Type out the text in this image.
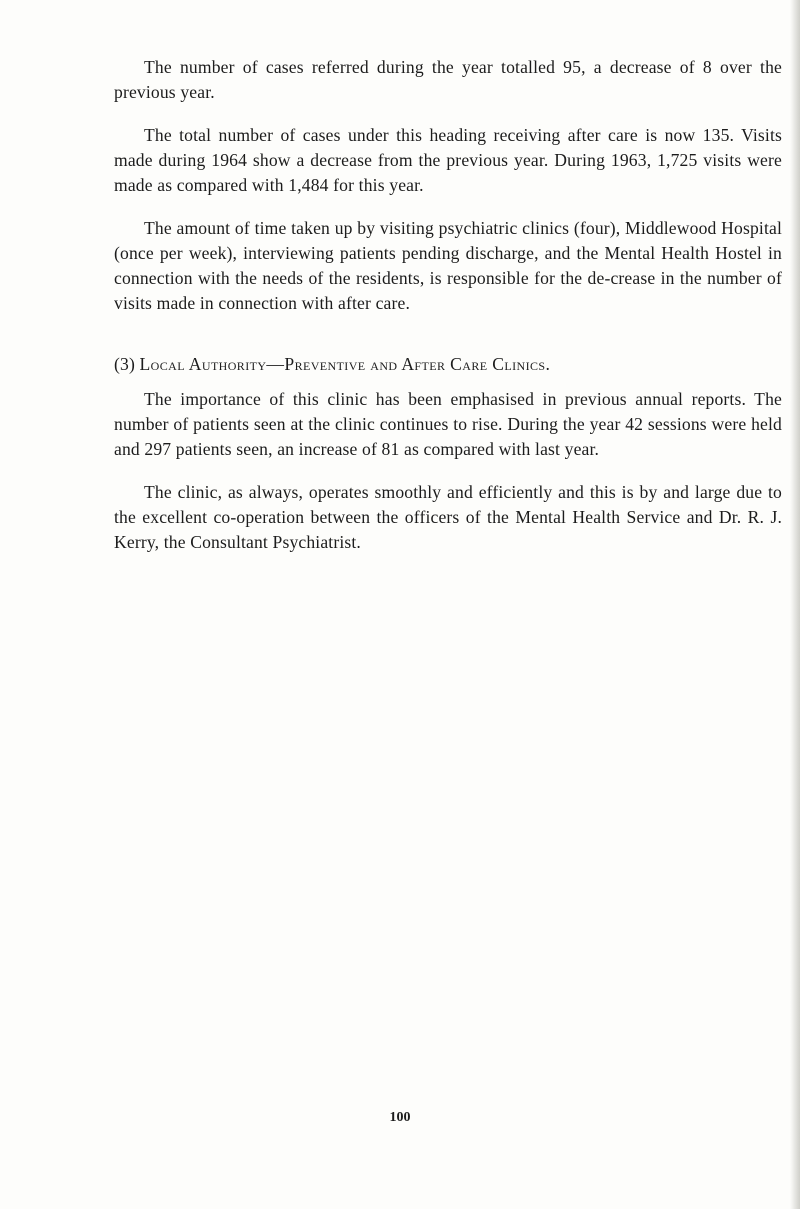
The number of cases referred during the year totalled 95, a decrease of 8 over the previous year.

The total number of cases under this heading receiving after care is now 135. Visits made during 1964 show a decrease from the previous year. During 1963, 1,725 visits were made as compared with 1,484 for this year.

The amount of time taken up by visiting psychiatric clinics (four), Middlewood Hospital (once per week), interviewing patients pending discharge, and the Mental Health Hostel in connection with the needs of the residents, is responsible for the de-crease in the number of visits made in connection with after care.

(3) Local Authority—Preventive and After Care Clinics.

The importance of this clinic has been emphasised in previous annual reports. The number of patients seen at the clinic continues to rise. During the year 42 sessions were held and 297 patients seen, an increase of 81 as compared with last year.

The clinic, as always, operates smoothly and efficiently and this is by and large due to the excellent co-operation between the officers of the Mental Health Service and Dr. R. J. Kerry, the Consultant Psychiatrist.

100
